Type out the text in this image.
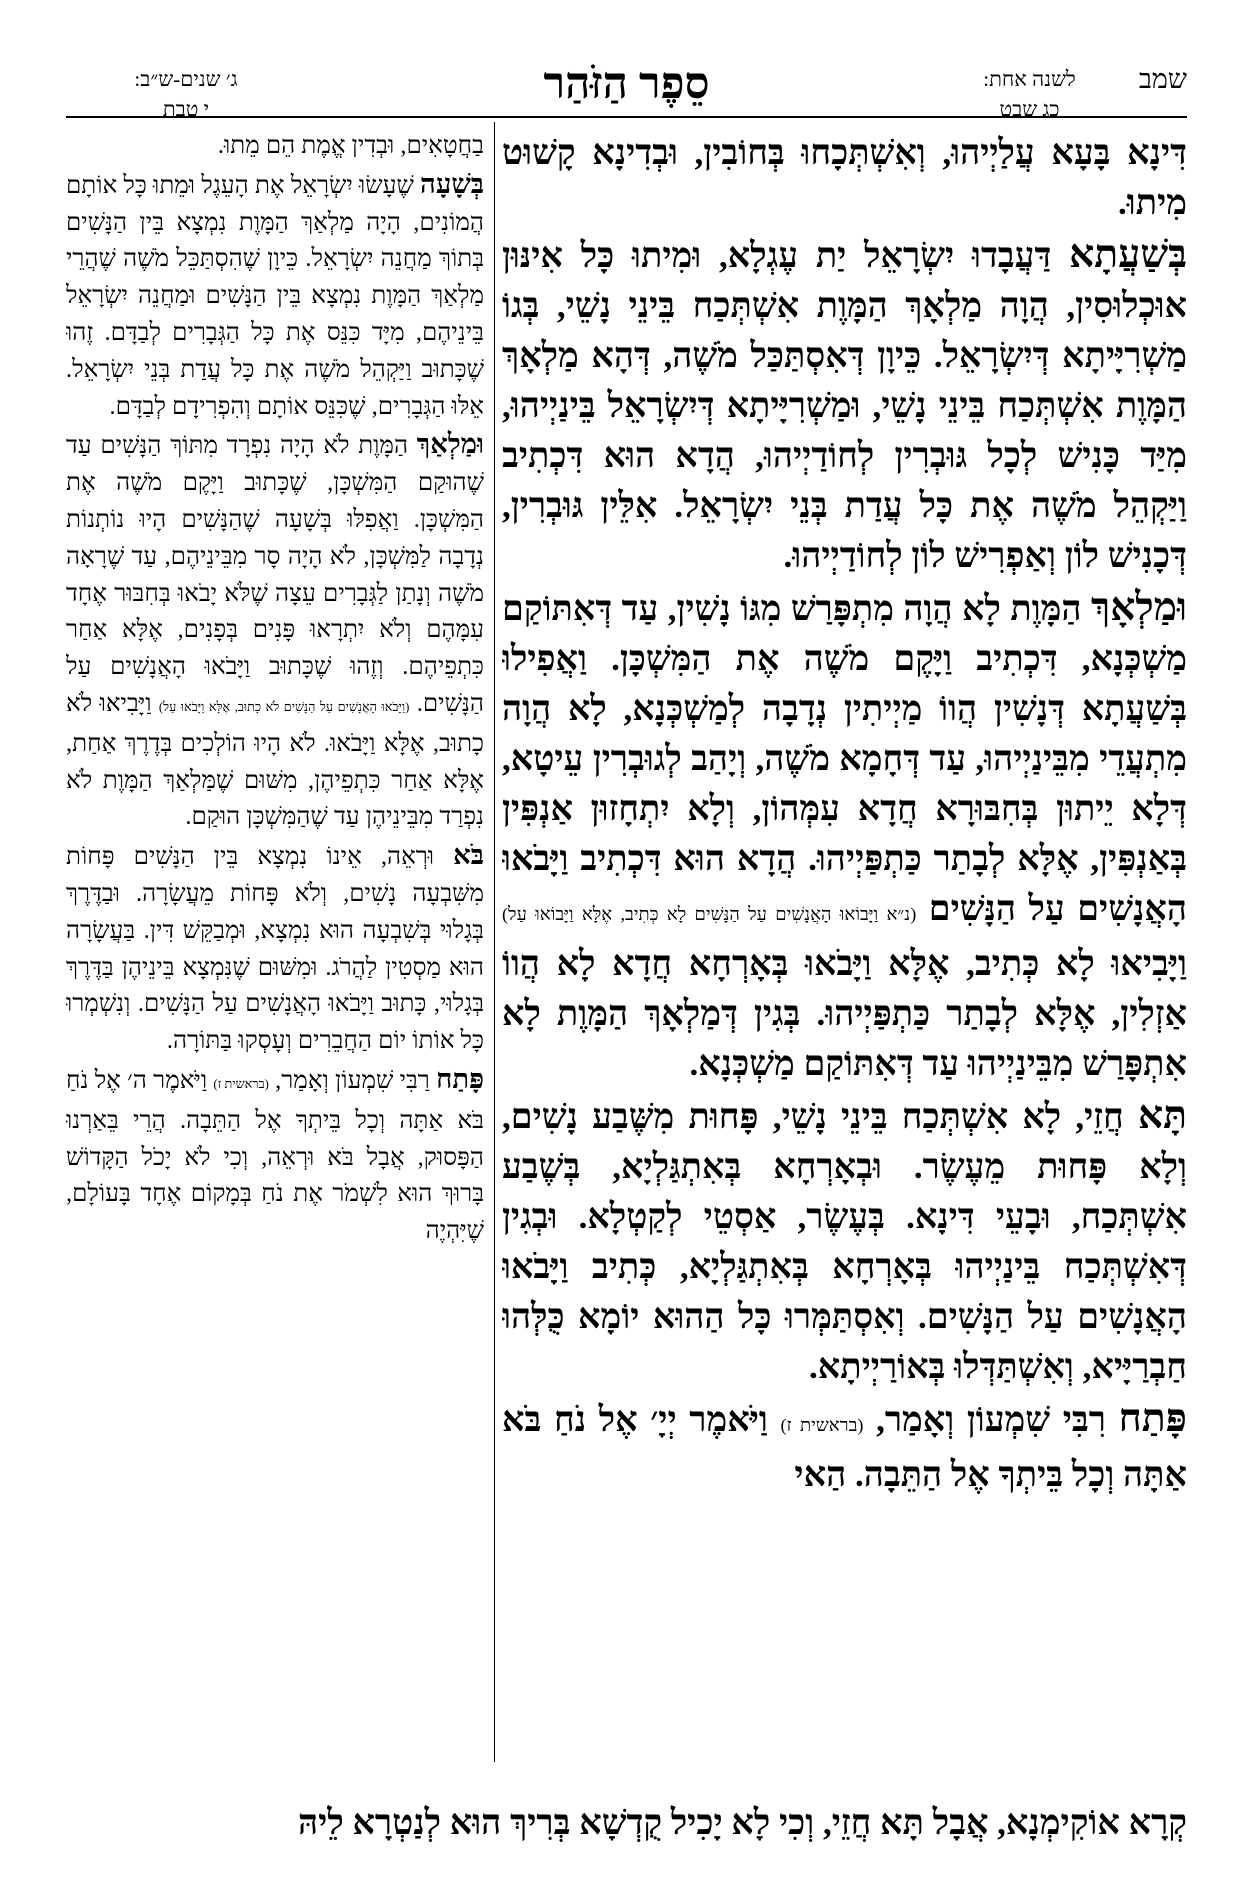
שמב
לשנה אחת:
כג שבט
סֵפֶר הַזֹּהַר
ג׳ שנים-ש״ב:
י טבת

דִּינָא בָּעָא עֲלַיְיהוּ, וְאִשְׁתְּכָחוּ בְּחוֹבִין, וּבְדִינָא קָשׁוּט מִיתוּ.

בְּשַׁעֲתָא דַּעֲבָדוּ יִשְׂרָאֵל יַת עֶגְלָא, וּמִיתוּ כָּל אִינּוּן אוּכְלוּסִין, הֲוָה מַלְאָךְ הַמָּוֶת אִשְׁתְּכַח בֵּינֵי נָשֵׁי, בְּגוֹ מַשְׁרִיָּיתָא דְּיִשְׂרָאֵל. כֵּיוָן דְּאִסְתַּכַּל מֹשֶׁה, דְּהָא מַלְאָךְ הַמָּוֶת אִשְׁתְּכַח בֵּינֵי נָשֵׁי, וּמַשְׁרִיָּיתָא דְּיִשְׂרָאֵל בֵּינַיְיהוּ, מִיַּד כָּנִישׁ לְכָל גּוּבְרִין לְחוֹדַיְיהוּ, הֲדָא הוּא דִּכְתִיב וַיַּקְהֵל מֹשֶׁה אֶת כָּל עֲדַת בְּנֵי יִשְׂרָאֵל. אִלֵּין גּוּבְרִין, דְּכָנִישׁ לוֹן וְאַפְרִישׁ לוֹן לְחוֹדַיְיהוּ.

וּמַלְאָךְ הַמָּוֶת לָא הֲוָה מִתְפָּרַשׁ מִגּוֹ נָשִׁין, עַד דְּאִתּוֹקַם מַשְׁכְּנָא, דִּכְתִיב וַיָּקֶם מֹשֶׁה אֶת הַמִּשְׁכָּן. וַאֲפִילוּ בְּשַׁעֲתָא דְּנָשִׁין הֲווֹ מַיְיתִין נְדָבָה לְמַשְׁכְּנָא, לָא הֲוָה מִתְעֲדֵי מִבֵּינַיְיהוּ, עַד דְּחָמָא מֹשֶׁה, וְיָהַב לְגוּבְרִין עֵיטָא, דְּלָא יֵיתוּן בְּחִבּוּרָא חֲדָא עִמְּהוֹן, וְלָא יִתְחָזוּן אַנְפִּין בְּאַנְפִּין, אֶלָּא לְבָתַר כַּתְפַּיְיהוּ. הֲדָא הוּא דִּכְתִיב וַיָּבֹאוּ הָאֲנָשִׁים עַל הַנָּשִׁים (נ״א וַיָּבוֹאוּ הָאֲנָשִׁים עַל הַנָּשִׁים לָא כְּתִיב, אֶלָּא וַיָּבוֹאוּ עַל) וַיָּבִיאוּ לָא כְּתִיב, אֶלָּא וַיָּבֹאוּ בְּאָרְחָא חֲדָא לָא הֲווֹ אַזְלִין, אֶלָּא לְבָתַר כַּתְפַּיְיהוּ. בְּגִין דְּמַלְאָךְ הַמָּוֶת לָא אִתְפָּרַשׁ מִבֵּינַיְיהוּ עַד דְּאִתּוֹקַם מַשְׁכְּנָא.

תָּא חֲזֵי, לָא אִשְׁתְּכַח בֵּינֵי נָשֵׁי, פָּחוּת מִשֶּׁבַע נָשִׁים, וְלָא פָּחוּת מֵעֶשֶׂר. וּבְאָרְחָא בְּאִתְגַּלְיָא, בְּשֶׁבַע אִשְׁתְּכַח, וּבָעֵי דִּינָא. בְּעֶשֶׂר, אַסְטֵי לְקַטְלָא. וּבְגִין דְּאִשְׁתְּכַח בֵּינַיְיהוּ בְּאָרְחָא בְּאִתְגַּלְיָא, כְּתִיב וַיָּבֹאוּ הָאֲנָשִׁים עַל הַנָּשִׁים. וְאִסְתַּמְּרוּ כָּל הַהוּא יוֹמָא כֻּלְּהוּ חַבְרַיָּיא, וְאִשְׁתַּדְּלוּ בְּאוֹרַיְיתָא.

פָּתַח רִבִּי שִׁמְעוֹן וְאָמַר, (בראשית ז) וַיֹּאמֶר יְיָ׳ אֶל נֹחַ בֹּא אַתָּה וְכָל בֵּיתְךָ אֶל הַתֵּבָה. הַאי

בַחֲטָאִים, וּבְדִין אֱמֶת הֵם מֵתוּ.

בְּשָׁעָה שֶׁעָשׂוּ יִשְׂרָאֵל אֶת הָעֵגֶל וּמֵתוּ כָּל אוֹתָם הֲמוֹנִים, הָיָה מַלְאַךְ הַמָּוֶת נִמְצָא בֵּין הַנָּשִׁים בְּתוֹךְ מַחֲנֵה יִשְׂרָאֵל. כֵּיוָן שֶׁהִסְתַּכֵּל מֹשֶׁה שֶׁהֲרֵי מַלְאַךְ הַמָּוֶת נִמְצָא בֵּין הַנָּשִׁים וּמַחֲנֵה יִשְׂרָאֵל בֵּינֵיהֶם, מִיָּד כִּנֵּס אֶת כָּל הַגְּבָרִים לְבַדָּם. זֶהוּ שֶׁכָּתוּב וַיַּקְהֵל מֹשֶׁה אֶת כָּל עֲדַת בְּנֵי יִשְׂרָאֵל. אֵלּוּ הַגְּבָרִים, שֶׁכִּנֵּס אוֹתָם וְהִפְרִידָם לְבַדָּם.

וּמַלְאַךְ הַמָּוֶת לֹא הָיָה נִפְרָד מִתּוֹךְ הַנָּשִׁים עַד שֶׁהוּקַם הַמִּשְׁכָּן, שֶׁכָּתוּב וַיָּקֶם מֹשֶׁה אֶת הַמִּשְׁכָּן. וַאֲפִלּוּ בְּשָׁעָה שֶׁהַנָּשִׁים הָיוּ נוֹתְנוֹת נְדָבָה לַמִּשְׁכָּן, לֹא הָיָה סָר מִבֵּינֵיהֶם, עַד שֶׁרָאָה מֹשֶׁה וְנָתַן לַגְּבָרִים עֵצָה שֶׁלֹּא יָבֹאוּ בְּחִבּוּר אֶחָד עִמָּהֶם וְלֹא יִתְרָאוּ פָּנִים בְּפָנִים, אֶלָּא אַחַר כִּתְפֵיהֶם. וְזֶהוּ שֶׁכָּתוּב וַיָּבֹאוּ הָאֲנָשִׁים עַל הַנָּשִׁים. (וַיָּבֹאוּ הָאֲנָשִׁים עַל הַנָּשִׁים לֹא כָתוּב, אֶלָּא וַיָּבֹאוּ עַל) וַיָּבִיאוּ לֹא כָתוּב, אֶלָּא וַיָּבֹאוּ. לֹא הָיוּ הוֹלְכִים בְּדֶרֶךְ אַחַת, אֶלָּא אַחַר כִּתְפֵיהֶן, מִשּׁוּם שֶׁמַּלְאַךְ הַמָּוֶת לֹא נִפְרַד מִבֵּינֵיהֶן עַד שֶׁהַמִּשְׁכָּן הוּקַם.

בֹּא וּרְאֵה, אֵינוֹ נִמְצָא בֵּין הַנָּשִׁים פָּחוֹת מִשִּׁבְעָה נָשִׁים, וְלֹא פָּחוֹת מֵעֲשָׂרָה. וּבַדֶּרֶךְ בְּגָלוּי בְּשִׁבְעָה הוּא נִמְצָא, וּמְבַקֵּשׁ דִּין. בַּעֲשָׂרָה הוּא מַסְטִין לַהֲרֹג. וּמִשּׁוּם שֶׁנִּמְצָא בֵּינֵיהֶן בַּדֶּרֶךְ בְּגָלוּי, כָּתוּב וַיָּבֹאוּ הָאֲנָשִׁים עַל הַנָּשִׁים. וְנִשְׁמְרוּ כָּל אוֹתוֹ יוֹם הַחֲבֵרִים וְעָסְקוּ בַּתּוֹרָה.

פָּתַח רַבִּי שִׁמְעוֹן וְאָמַר, (בראשית ז) וַיֹּאמֶר ה׳ אֶל נֹחַ בֹּא אַתָּה וְכָל בֵּיתְךָ אֶל הַתֵּבָה. הֲרֵי בֵּאַרְנוּ הַפָּסוּק, אֲבָל בֹּא וּרְאֵה, וְכִי לֹא יָכֹל הַקָּדוֹשׁ בָּרוּךְ הוּא לִשְׁמֹר אֶת נֹחַ בְּמָקוֹם אֶחָד בָּעוֹלָם, שֶׁיִּהְיֶה

קְרָא אוֹקִימְנָא, אֲבָל תָּא חֲזֵי, וְכִי לָא יָכִיל קֻדְשָׁא בְּרִיךְ הוּא לְנַטְרָא לֵיהּ
